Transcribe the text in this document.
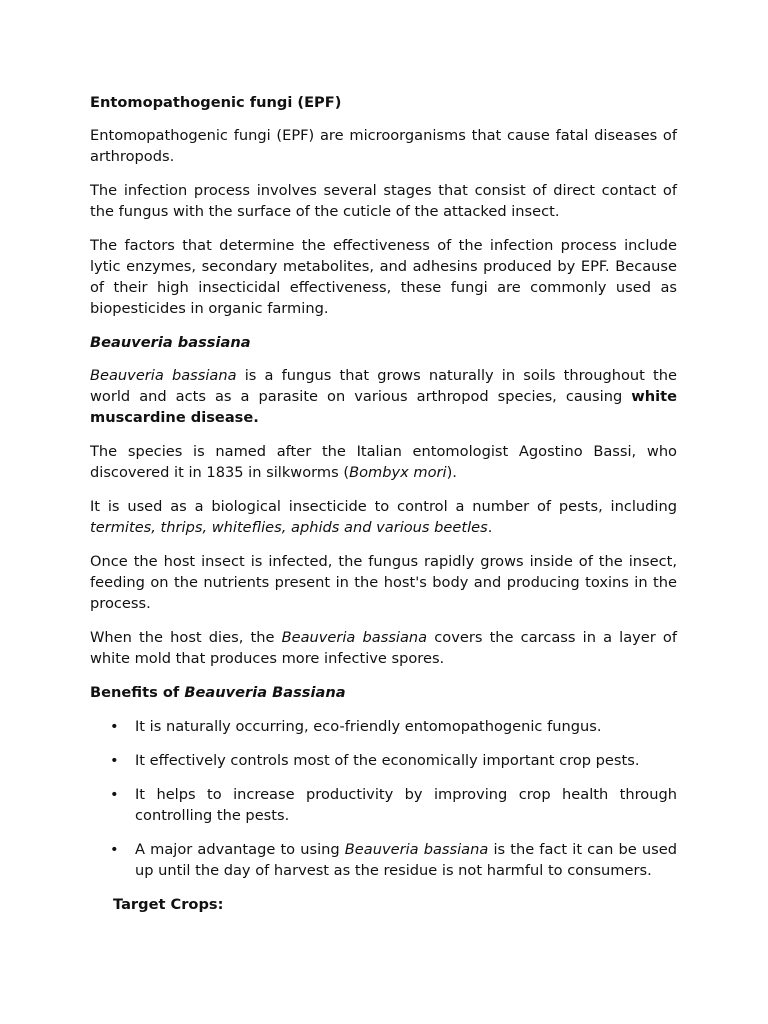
Entomopathogenic fungi (EPF)

Entomopathogenic fungi (EPF) are microorganisms that cause fatal diseases of arthropods.

The infection process involves several stages that consist of direct contact of the fungus with the surface of the cuticle of the attacked insect.

The factors that determine the effectiveness of the infection process include lytic enzymes, secondary metabolites, and adhesins produced by EPF. Because of their high insecticidal effectiveness, these fungi are commonly used as biopesticides in organic farming.

Beauveria bassiana

Beauveria bassiana is a fungus that grows naturally in soils throughout the world and acts as a parasite on various arthropod species, causing white muscardine disease.

The species is named after the Italian entomologist Agostino Bassi, who discovered it in 1835 in silkworms (Bombyx mori).

It is used as a biological insecticide to control a number of pests, including termites, thrips, whiteflies, aphids and various beetles.

Once the host insect is infected, the fungus rapidly grows inside of the insect, feeding on the nutrients present in the host's body and producing toxins in the process.

When the host dies, the Beauveria bassiana covers the carcass in a layer of white mold that produces more infective spores.

Benefits of Beauveria Bassiana
• It is naturally occurring, eco-friendly entomopathogenic fungus.
• It effectively controls most of the economically important crop pests.
• It helps to increase productivity by improving crop health through controlling the pests.
• A major advantage to using Beauveria bassiana is the fact it can be used up until the day of harvest as the residue is not harmful to consumers.
Target Crops:
